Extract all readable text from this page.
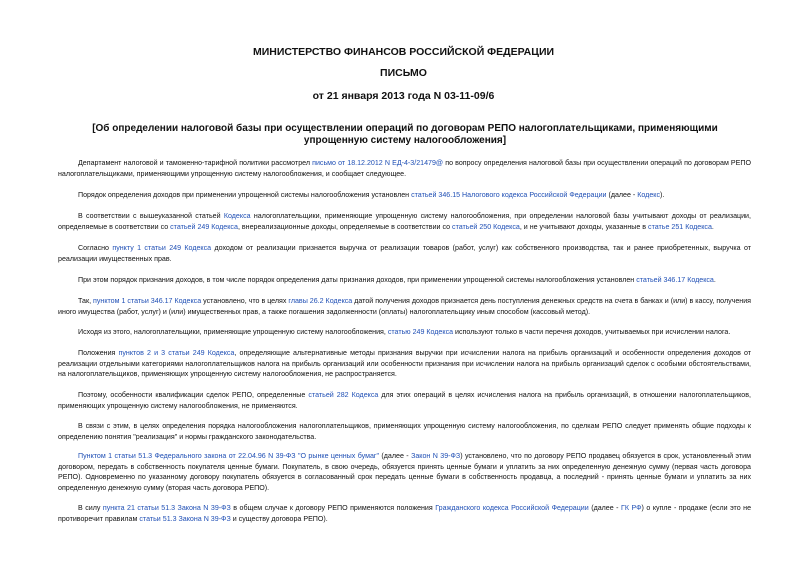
МИНИСТЕРСТВО ФИНАНСОВ РОССИЙСКОЙ ФЕДЕРАЦИИ
ПИСЬМО
от 21 января 2013 года N 03-11-09/6
[Об определении налоговой базы при осуществлении операций по договорам РЕПО налогоплательщиками, применяющими упрощенную систему налогообложения]

Департамент налоговой и таможенно-тарифной политики рассмотрел письмо от 18.12.2012 N ЕД-4-3/21479@ по вопросу определения налоговой базы при осуществлении операций по договорам РЕПО налогоплательщиками, применяющими упрощенную систему налогообложения, и сообщает следующее.

Порядок определения доходов при применении упрощенной системы налогообложения установлен статьей 346.15 Налогового кодекса Российской Федерации (далее - Кодекс).

В соответствии с вышеуказанной статьей Кодекса налогоплательщики, применяющие упрощенную систему налогообложения, при определении налоговой базы учитывают доходы от реализации, определяемые в соответствии со статьей 249 Кодекса, внереализационные доходы, определяемые в соответствии со статьей 250 Кодекса, и не учитывают доходы, указанные в статье 251 Кодекса.

Согласно пункту 1 статьи 249 Кодекса доходом от реализации признается выручка от реализации товаров (работ, услуг) как собственного производства, так и ранее приобретенных, выручка от реализации имущественных прав.

При этом порядок признания доходов, в том числе порядок определения даты признания доходов, при применении упрощенной системы налогообложения установлен статьей 346.17 Кодекса.

Так, пунктом 1 статьи 346.17 Кодекса установлено, что в целях главы 26.2 Кодекса датой получения доходов признается день поступления денежных средств на счета в банках и (или) в кассу, получения иного имущества (работ, услуг) и (или) имущественных прав, а также погашения задолженности (оплаты) налогоплательщику иным способом (кассовый метод).

Исходя из этого, налогоплательщики, применяющие упрощенную систему налогообложения, статью 249 Кодекса используют только в части перечня доходов, учитываемых при исчислении налога.

Положения пунктов 2 и 3 статьи 249 Кодекса, определяющие альтернативные методы признания выручки при исчислении налога на прибыль организаций и особенности определения доходов от реализации отдельными категориями налогоплательщиков налога на прибыль организаций или особенности признания при исчислении налога на прибыль организаций сделок с особыми обстоятельствами, на налогоплательщиков, применяющих упрощенную систему налогообложения, не распространяется.

Поэтому, особенности квалификации сделок РЕПО, определенные статьей 282 Кодекса для этих операций в целях исчисления налога на прибыль организаций, в отношении налогоплательщиков, применяющих упрощенную систему налогообложения, не применяются.

В связи с этим, в целях определения порядка налогообложения налогоплательщиков, применяющих упрощенную систему налогообложения, по сделкам РЕПО следует применять общие подходы к определению понятия "реализация" и нормы гражданского законодательства.

Пунктом 1 статьи 51.3 Федерального закона от 22.04.96 N 39-ФЗ "О рынке ценных бумаг" (далее - Закон N 39-ФЗ) установлено, что по договору РЕПО продавец обязуется в срок, установленный этим договором, передать в собственность покупателя ценные бумаги. Покупатель, в свою очередь, обязуется принять ценные бумаги и уплатить за них определенную денежную сумму (первая часть договора РЕПО). Одновременно по указанному договору покупатель обязуется в согласованный срок передать ценные бумаги в собственность продавца, а последний - принять ценные бумаги и уплатить за них определенную денежную сумму (вторая часть договора РЕПО).

В силу пункта 21 статьи 51.3 Закона N 39-ФЗ в общем случае к договору РЕПО применяются положения Гражданского кодекса Российской Федерации (далее - ГК РФ) о купле - продаже (если это не противоречит правилам статьи 51.3 Закона N 39-ФЗ и существу договора РЕПО).
